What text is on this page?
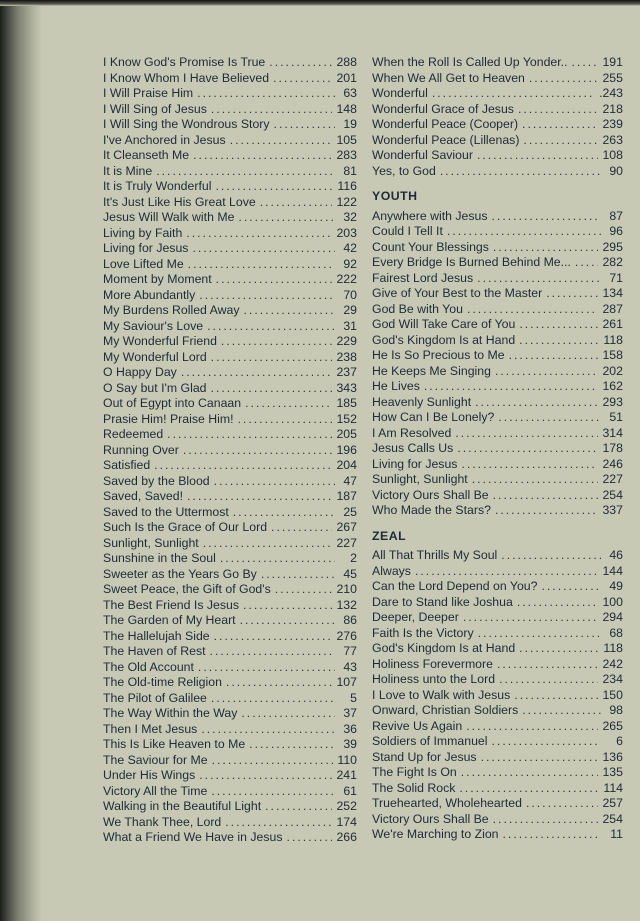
I Know God's Promise Is True .....	288
I Know Whom I Have Believed .....	201
I Will Praise Him .....	63
I Will Sing of Jesus .....	148
I Will Sing the Wondrous Story .....	19
I've Anchored in Jesus .....	105
It Cleanseth Me .....	283
It is Mine .....	81
It is Truly Wonderful .....	116
It's Just Like His Great Love .....	122
Jesus Will Walk with Me .....	32
Living by Faith .....	203
Living for Jesus .....	42
Love Lifted Me .....	92
Moment by Moment .....	222
More Abundantly .....	70
My Burdens Rolled Away .....	29
My Saviour's Love .....	31
My Wonderful Friend .....	229
My Wonderful Lord .....	238
O Happy Day .....	237
O Say but I'm Glad .....	343
Out of Egypt into Canaan .....	185
Prasie Him! Praise Him! .....	152
Redeemed .....	205
Running Over .....	196
Satisfied .....	204
Saved by the Blood .....	47
Saved, Saved! .....	187
Saved to the Uttermost .....	25
Such Is the Grace of Our Lord .....	267
Sunlight, Sunlight .....	227
Sunshine in the Soul .....	2
Sweeter as the Years Go By .....	45
Sweet Peace, the Gift of God's .....	210
The Best Friend Is Jesus .....	132
The Garden of My Heart .....	86
The Hallelujah Side .....	276
The Haven of Rest .....	77
The Old Account .....	43
The Old-time Religion .....	107
The Pilot of Galilee .....	5
The Way Within the Way .....	37
Then I Met Jesus .....	36
This Is Like Heaven to Me .....	39
The Saviour for Me .....	110
Under His Wings .....	241
Victory All the Time .....	61
Walking in the Beautiful Light .....	252
We Thank Thee, Lord .....	174
What a Friend We Have in Jesus .....	266
When the Roll Is Called Up Yonder.. .....	191
When We All Get to Heaven .....	255
Wonderful .....	.243
Wonderful Grace of Jesus .....	218
Wonderful Peace (Cooper) .....	239
Wonderful Peace (Lillenas) .....	263
Wonderful Saviour .....	108
Yes, to God .....	90
YOUTH
Anywhere with Jesus .....	87
Could I Tell It .....	96
Count Your Blessings .....	295
Every Bridge Is Burned Behind Me... .....	282
Fairest Lord Jesus .....	71
Give of Your Best to the Master .....	134
God Be with You .....	287
God Will Take Care of You .....	261
God's Kingdom Is at Hand .....	118
He Is So Precious to Me .....	158
He Keeps Me Singing .....	202
He Lives .....	162
Heavenly Sunlight .....	293
How Can I Be Lonely? .....	51
I Am Resolved .....	314
Jesus Calls Us .....	178
Living for Jesus .....	246
Sunlight, Sunlight .....	227
Victory Ours Shall Be .....	254
Who Made the Stars? .....	337
ZEAL
All That Thrills My Soul .....	46
Always .....	144
Can the Lord Depend on You? .....	49
Dare to Stand like Joshua .....	100
Deeper, Deeper .....	294
Faith Is the Victory .....	68
God's Kingdom Is at Hand .....	118
Holiness Forevermore .....	242
Holiness unto the Lord .....	234
I Love to Walk with Jesus .....	150
Onward, Christian Soldiers .....	98
Revive Us Again .....	265
Soldiers of Immanuel .....	6
Stand Up for Jesus .....	136
The Fight Is On .....	135
The Solid Rock .....	114
Truehearted, Wholehearted .....	257
Victory Ours Shall Be .....	254
We're Marching to Zion .....	11
